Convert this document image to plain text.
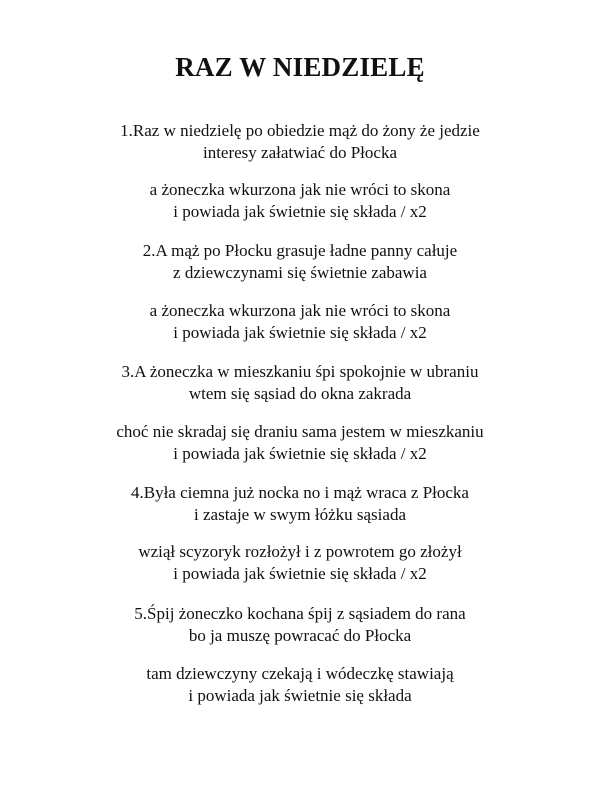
RAZ W NIEDZIELĘ
1.Raz w niedzielę po obiedzie mąż do żony że jedzie
interesy załatwiać do Płocka
a żoneczka wkurzona jak nie wróci to skona
i powiada jak świetnie się składa / x2
2.A mąż po Płocku grasuje ładne panny całuje
z dziewczynami się świetnie zabawia
a żoneczka wkurzona jak nie wróci to skona
i powiada jak świetnie się składa / x2
3.A żoneczka w mieszkaniu śpi spokojnie w ubraniu
wtem się sąsiad do okna zakrada
choć nie skradaj się draniu sama jestem w mieszkaniu
i powiada jak świetnie się składa / x2
4.Była ciemna już nocka no i mąż wraca z Płocka
i zastaje w swym łóżku sąsiada
wziął scyzoryk rozłożył i z powrotem go złożył
i powiada jak świetnie się składa / x2
5.Śpij żoneczko kochana śpij z sąsiadem do rana
bo ja muszę powracać do Płocka
tam dziewczyny czekają i wódeczkę stawiają
i powiada jak świetnie się składa
